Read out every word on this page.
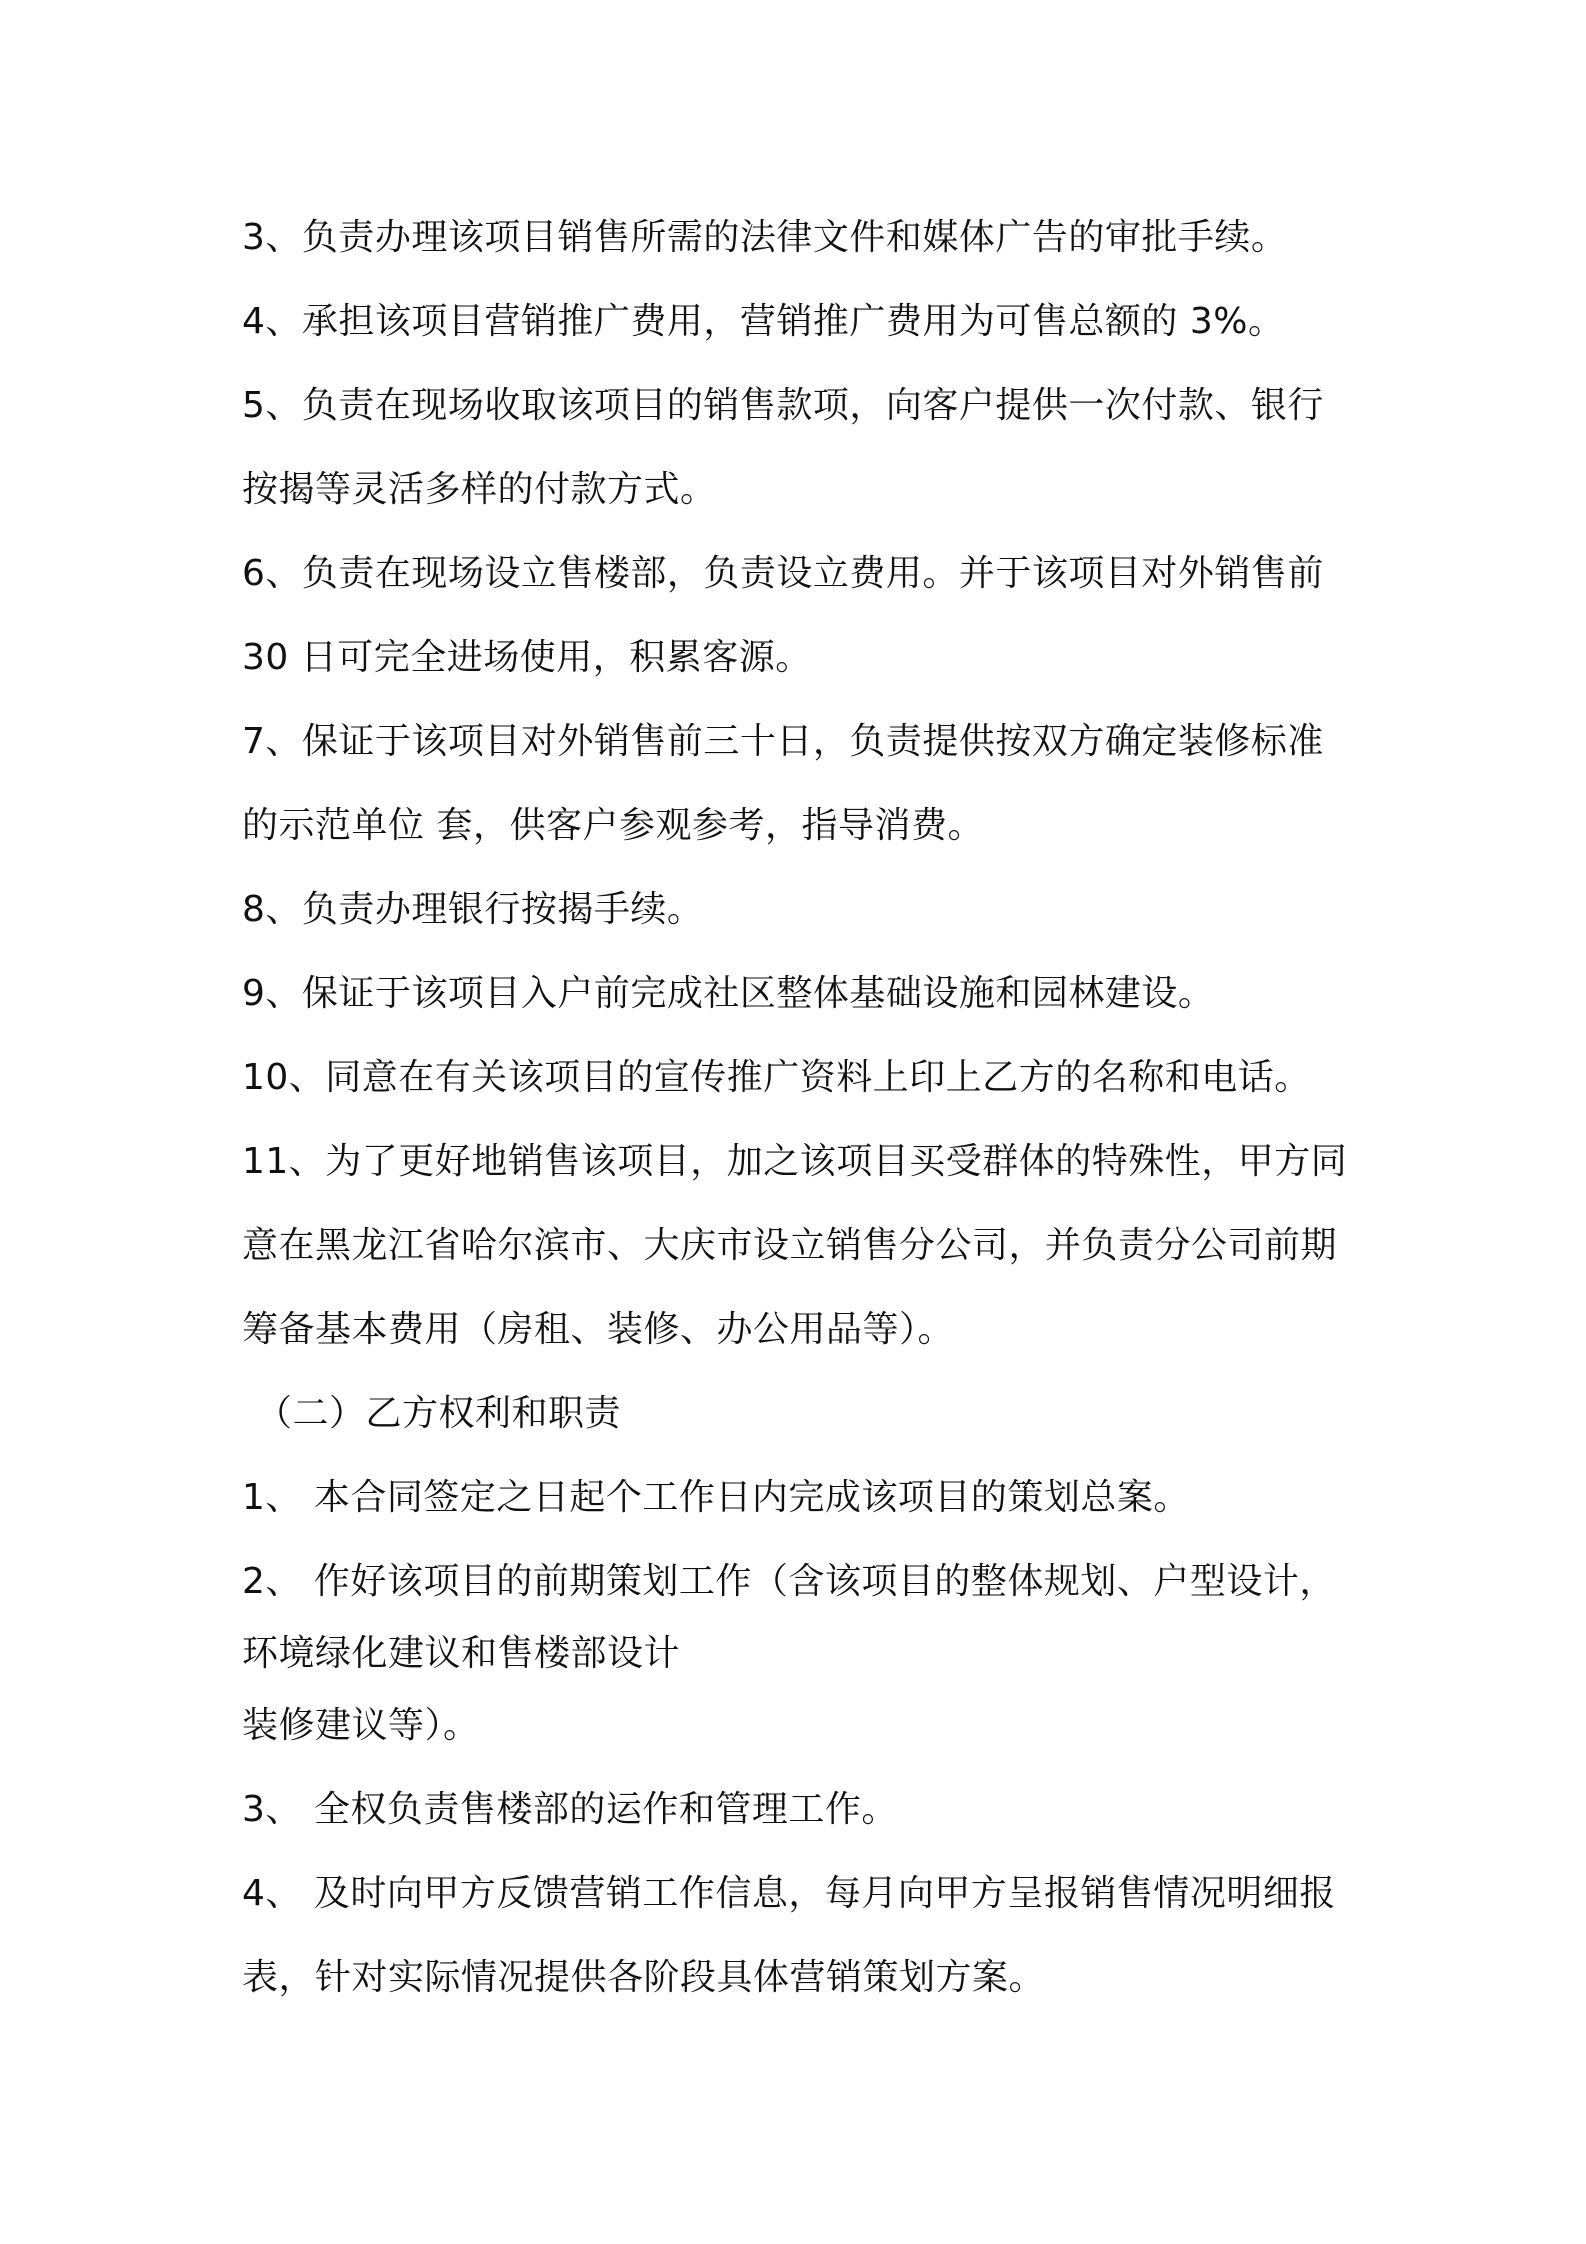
3、负责办理该项目销售所需的法律文件和媒体广告的审批手续。
4、承担该项目营销推广费用，营销推广费用为可售总额的 3%。
5、负责在现场收取该项目的销售款项，向客户提供一次付款、银行
按揭等灵活多样的付款方式。
6、负责在现场设立售楼部，负责设立费用。并于该项目对外销售前
30 日可完全进场使用，积累客源。
7、保证于该项目对外销售前三十日，负责提供按双方确定装修标准
的示范单位 套，供客户参观参考，指导消费。
8、负责办理银行按揭手续。
9、保证于该项目入户前完成社区整体基础设施和园林建设。
10、同意在有关该项目的宣传推广资料上印上乙方的名称和电话。
11、为了更好地销售该项目，加之该项目买受群体的特殊性，甲方同
意在黑龙江省哈尔滨市、大庆市设立销售分公司，并负责分公司前期
筹备基本费用（房租、装修、办公用品等）。
（二）乙方权利和职责
1、 本合同签定之日起个工作日内完成该项目的策划总案。
2、 作好该项目的前期策划工作（含该项目的整体规划、户型设计，
环境绿化建议和售楼部设计
装修建议等）。
3、 全权负责售楼部的运作和管理工作。
4、 及时向甲方反馈营销工作信息，每月向甲方呈报销售情况明细报
表，针对实际情况提供各阶段具体营销策划方案。
